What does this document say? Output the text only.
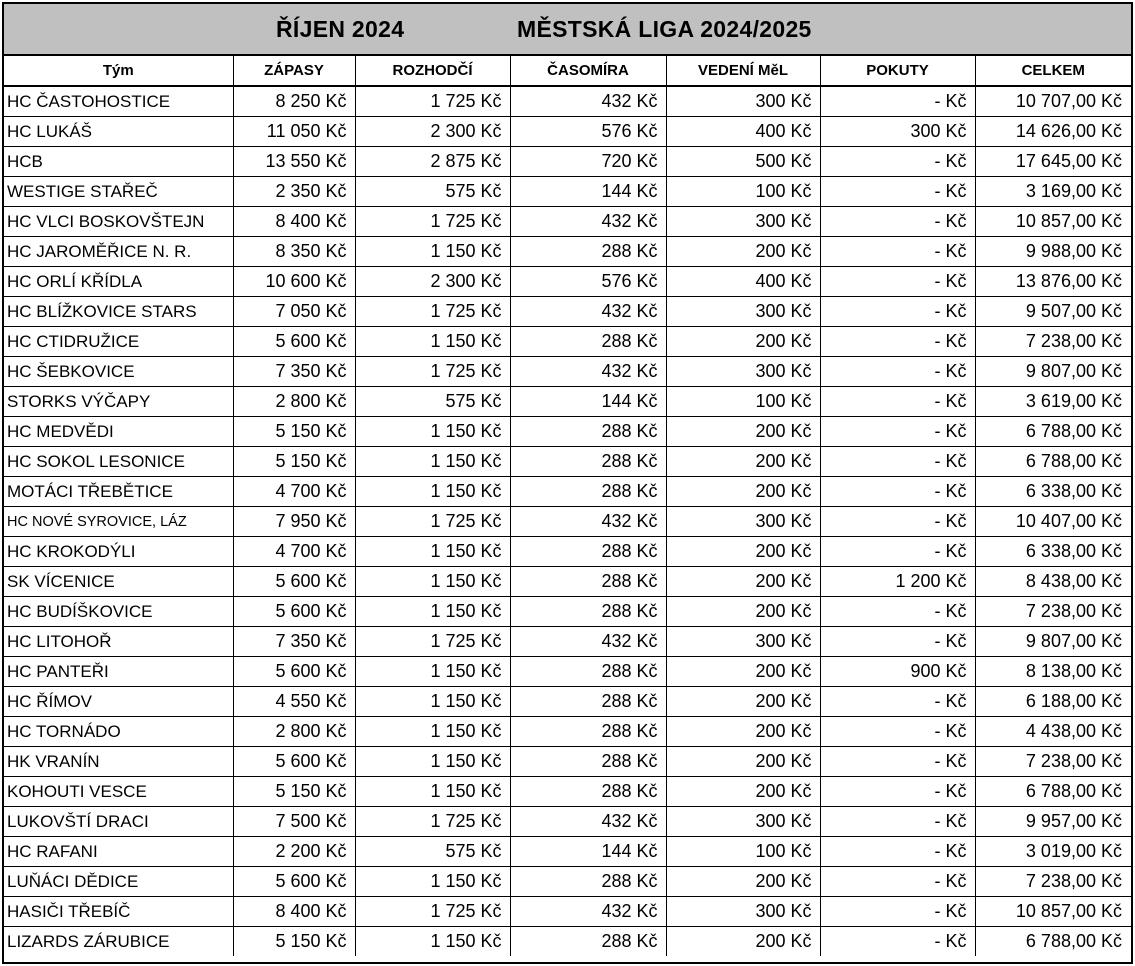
ŘÍJEN 2024	MĚSTSKÁ LIGA 2024/2025
Tým	ZÁPASY	ROZHODČÍ	ČASOMÍRA	VEDENÍ MěL	POKUTY	CELKEM
HC ČASTOHOSTICE	8 250 Kč	1 725 Kč	432 Kč	300 Kč	- Kč	10 707,00 Kč
HC LUKÁŠ	11 050 Kč	2 300 Kč	576 Kč	400 Kč	300 Kč	14 626,00 Kč
HCB	13 550 Kč	2 875 Kč	720 Kč	500 Kč	- Kč	17 645,00 Kč
WESTIGE STAŘEČ	2 350 Kč	575 Kč	144 Kč	100 Kč	- Kč	3 169,00 Kč
HC VLCI BOSKOVŠTEJN	8 400 Kč	1 725 Kč	432 Kč	300 Kč	- Kč	10 857,00 Kč
HC JAROMĚŘICE N. R.	8 350 Kč	1 150 Kč	288 Kč	200 Kč	- Kč	9 988,00 Kč
HC ORLÍ KŘÍDLA	10 600 Kč	2 300 Kč	576 Kč	400 Kč	- Kč	13 876,00 Kč
HC BLÍŽKOVICE STARS	7 050 Kč	1 725 Kč	432 Kč	300 Kč	- Kč	9 507,00 Kč
HC CTIDRUŽICE	5 600 Kč	1 150 Kč	288 Kč	200 Kč	- Kč	7 238,00 Kč
HC ŠEBKOVICE	7 350 Kč	1 725 Kč	432 Kč	300 Kč	- Kč	9 807,00 Kč
STORKS VÝČAPY	2 800 Kč	575 Kč	144 Kč	100 Kč	- Kč	3 619,00 Kč
HC MEDVĚDI	5 150 Kč	1 150 Kč	288 Kč	200 Kč	- Kč	6 788,00 Kč
HC SOKOL LESONICE	5 150 Kč	1 150 Kč	288 Kč	200 Kč	- Kč	6 788,00 Kč
MOTÁCI TŘEBĚTICE	4 700 Kč	1 150 Kč	288 Kč	200 Kč	- Kč	6 338,00 Kč
HC NOVÉ SYROVICE, LÁZ	7 950 Kč	1 725 Kč	432 Kč	300 Kč	- Kč	10 407,00 Kč
HC KROKODÝLI	4 700 Kč	1 150 Kč	288 Kč	200 Kč	- Kč	6 338,00 Kč
SK VÍCENICE	5 600 Kč	1 150 Kč	288 Kč	200 Kč	1 200 Kč	8 438,00 Kč
HC BUDÍŠKOVICE	5 600 Kč	1 150 Kč	288 Kč	200 Kč	- Kč	7 238,00 Kč
HC LITOHOŘ	7 350 Kč	1 725 Kč	432 Kč	300 Kč	- Kč	9 807,00 Kč
HC PANTEŘI	5 600 Kč	1 150 Kč	288 Kč	200 Kč	900 Kč	8 138,00 Kč
HC ŘÍMOV	4 550 Kč	1 150 Kč	288 Kč	200 Kč	- Kč	6 188,00 Kč
HC TORNÁDO	2 800 Kč	1 150 Kč	288 Kč	200 Kč	- Kč	4 438,00 Kč
HK VRANÍN	5 600 Kč	1 150 Kč	288 Kč	200 Kč	- Kč	7 238,00 Kč
KOHOUTI VESCE	5 150 Kč	1 150 Kč	288 Kč	200 Kč	- Kč	6 788,00 Kč
LUKOVŠTÍ DRACI	7 500 Kč	1 725 Kč	432 Kč	300 Kč	- Kč	9 957,00 Kč
HC RAFANI	2 200 Kč	575 Kč	144 Kč	100 Kč	- Kč	3 019,00 Kč
LUŇÁCI DĚDICE	5 600 Kč	1 150 Kč	288 Kč	200 Kč	- Kč	7 238,00 Kč
HASIČI TŘEBÍČ	8 400 Kč	1 725 Kč	432 Kč	300 Kč	- Kč	10 857,00 Kč
LIZARDS ZÁRUBICE	5 150 Kč	1 150 Kč	288 Kč	200 Kč	- Kč	6 788,00 Kč
